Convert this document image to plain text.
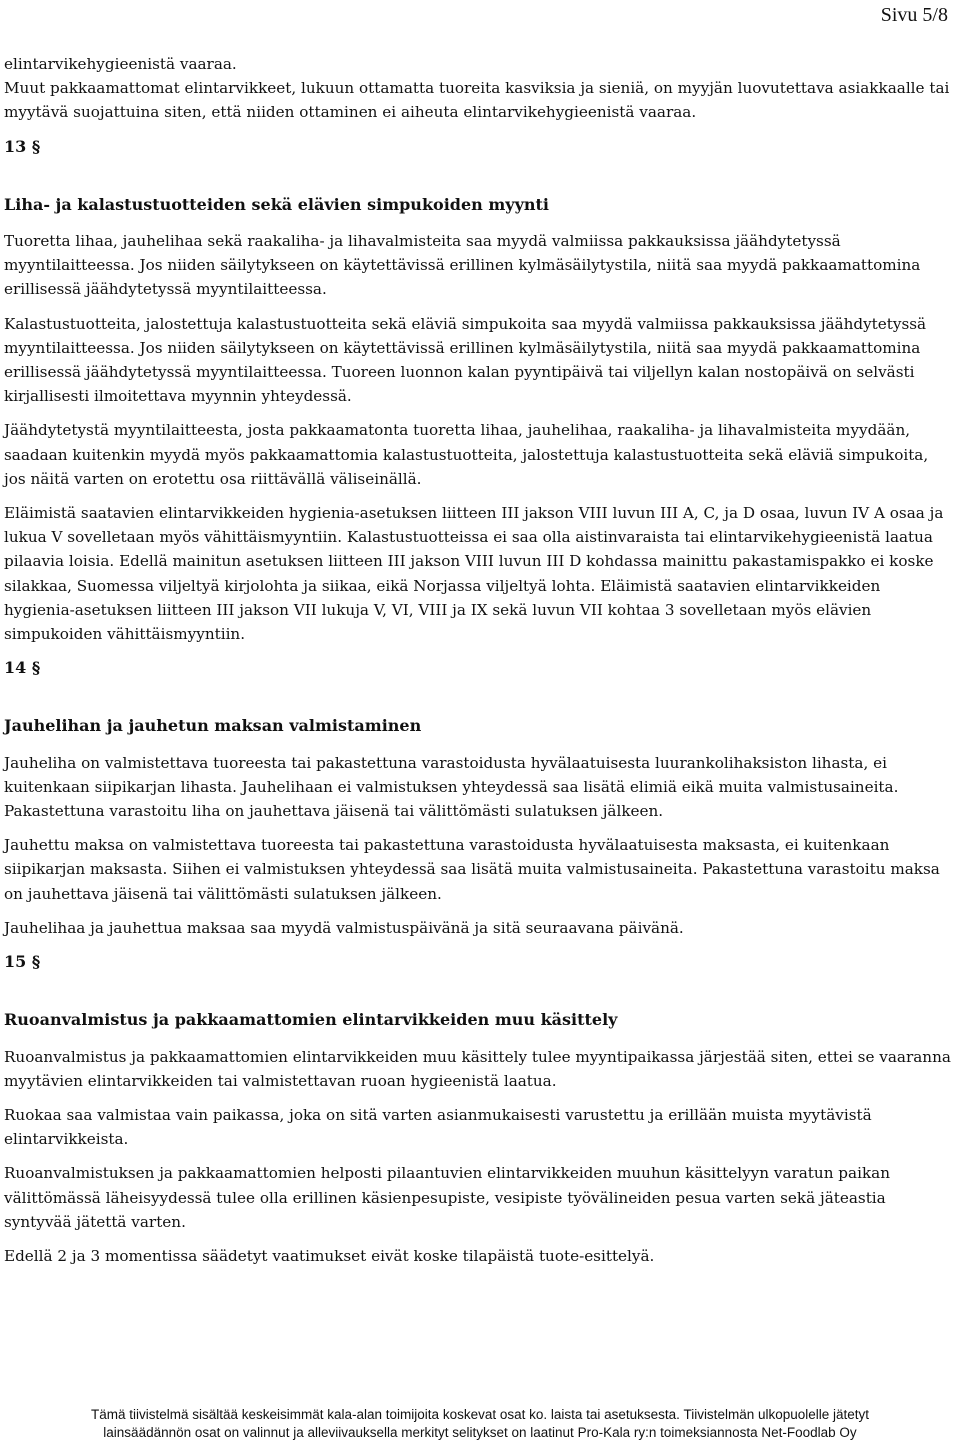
Sivu 5/8

elintarvikehygieenistä vaaraa.

Muut pakkaamattomat elintarvikkeet, lukuun ottamatta tuoreita kasviksia ja sieniä, on myyjän luovutettava asiakkaalle tai myytävä suojattuina siten, että niiden ottaminen ei aiheuta elintarvikehygieenistä vaaraa.

13 §
Liha- ja kalastustuotteiden sekä elävien simpukoiden myynti

Tuoretta lihaa, jauhelihaa sekä raakaliha- ja lihavalmisteita saa myydä valmiissa pakkauksissa jäähdytetyssä myyntilaitteessa. Jos niiden säilytykseen on käytettävissä erillinen kylmäsäilytystila, niitä saa myydä pakkaamattomina erillisessä jäähdytetyssä myyntilaitteessa.

Kalastustuotteita, jalostettuja kalastustuotteita sekä eläviä simpukoita saa myydä valmiissa pakkauksissa jäähdytetyssä myyntilaitteessa. Jos niiden säilytykseen on käytettävissä erillinen kylmäsäilytystila, niitä saa myydä pakkaamattomina erillisessä jäähdytetyssä myyntilaitteessa. Tuoreen luonnon kalan pyyntipäivä tai viljellyn kalan nostopäivä on selvästi kirjallisesti ilmoitettava myynnin yhteydessä.

Jäähdytetystä myyntilaitteesta, josta pakkaamatonta tuoretta lihaa, jauhelihaa, raakaliha- ja lihavalmisteita myydään, saadaan kuitenkin myydä myös pakkaamattomia kalastustuotteita, jalostettuja kalastustuotteita sekä eläviä simpukoita, jos näitä varten on erotettu osa riittävällä väliseinällä.

Eläimistä saatavien elintarvikkeiden hygienia-asetuksen liitteen III jakson VIII luvun III A, C, ja D osaa, luvun IV A osaa ja lukua V sovelletaan myös vähittäismyyntiin. Kalastustuotteissa ei saa olla aistinvaraista tai elintarvikehygieenistä laatua pilaavia loisia. Edellä mainitun asetuksen liitteen III jakson VIII luvun III D kohdassa mainittu pakastamispakko ei koske silakkaa, Suomessa viljeltyä kirjolohta ja siikaa, eikä Norjassa viljeltyä lohta. Eläimistä saatavien elintarvikkeiden hygienia-asetuksen liitteen III jakson VII lukuja V, VI, VIII ja IX sekä luvun VII kohtaa 3 sovelletaan myös elävien simpukoiden vähittäismyyntiin.

14 §
Jauhelihan ja jauhetun maksan valmistaminen

Jauheliha on valmistettava tuoreesta tai pakastettuna varastoidusta hyvälaatuisesta luurankolihaksiston lihasta, ei kuitenkaan siipikarjan lihasta. Jauhelihaan ei valmistuksen yhteydessä saa lisätä elimiä eikä muita valmistusaineita. Pakastettuna varastoitu liha on jauhettava jäisenä tai välittömästi sulatuksen jälkeen.

Jauhettu maksa on valmistettava tuoreesta tai pakastettuna varastoidusta hyvälaatuisesta maksasta, ei kuitenkaan siipikarjan maksasta. Siihen ei valmistuksen yhteydessä saa lisätä muita valmistusaineita. Pakastettuna varastoitu maksa on jauhettava jäisenä tai välittömästi sulatuksen jälkeen.

Jauhelihaa ja jauhettua maksaa saa myydä valmistuspäivänä ja sitä seuraavana päivänä.

15 §
Ruoanvalmistus ja pakkaamattomien elintarvikkeiden muu käsittely

Ruoanvalmistus ja pakkaamattomien elintarvikkeiden muu käsittely tulee myyntipaikassa järjestää siten, ettei se vaaranna myytävien elintarvikkeiden tai valmistettavan ruoan hygieenistä laatua.

Ruokaa saa valmistaa vain paikassa, joka on sitä varten asianmukaisesti varustettu ja erillään muista myytävistä elintarvikkeista.

Ruoanvalmistuksen ja pakkaamattomien helposti pilaantuvien elintarvikkeiden muuhun käsittelyyn varatun paikan välittömässä läheisyydessä tulee olla erillinen käsienpesupiste, vesipiste työvälineiden pesua varten sekä jäteastia syntyvää jätettä varten.

Edellä 2 ja 3 momentissa säädetyt vaatimukset eivät koske tilapäistä tuote-esittelyä.

Tämä tiivistelmä sisältää keskeisimmät kala-alan toimijoita koskevat osat ko. laista tai asetuksesta. Tiivistelmän ulkopuolelle jätetyt
lainsäädännön osat on valinnut ja alleviivauksella merkityt selitykset on laatinut Pro-Kala ry:n toimeksiannosta Net-Foodlab Oy
